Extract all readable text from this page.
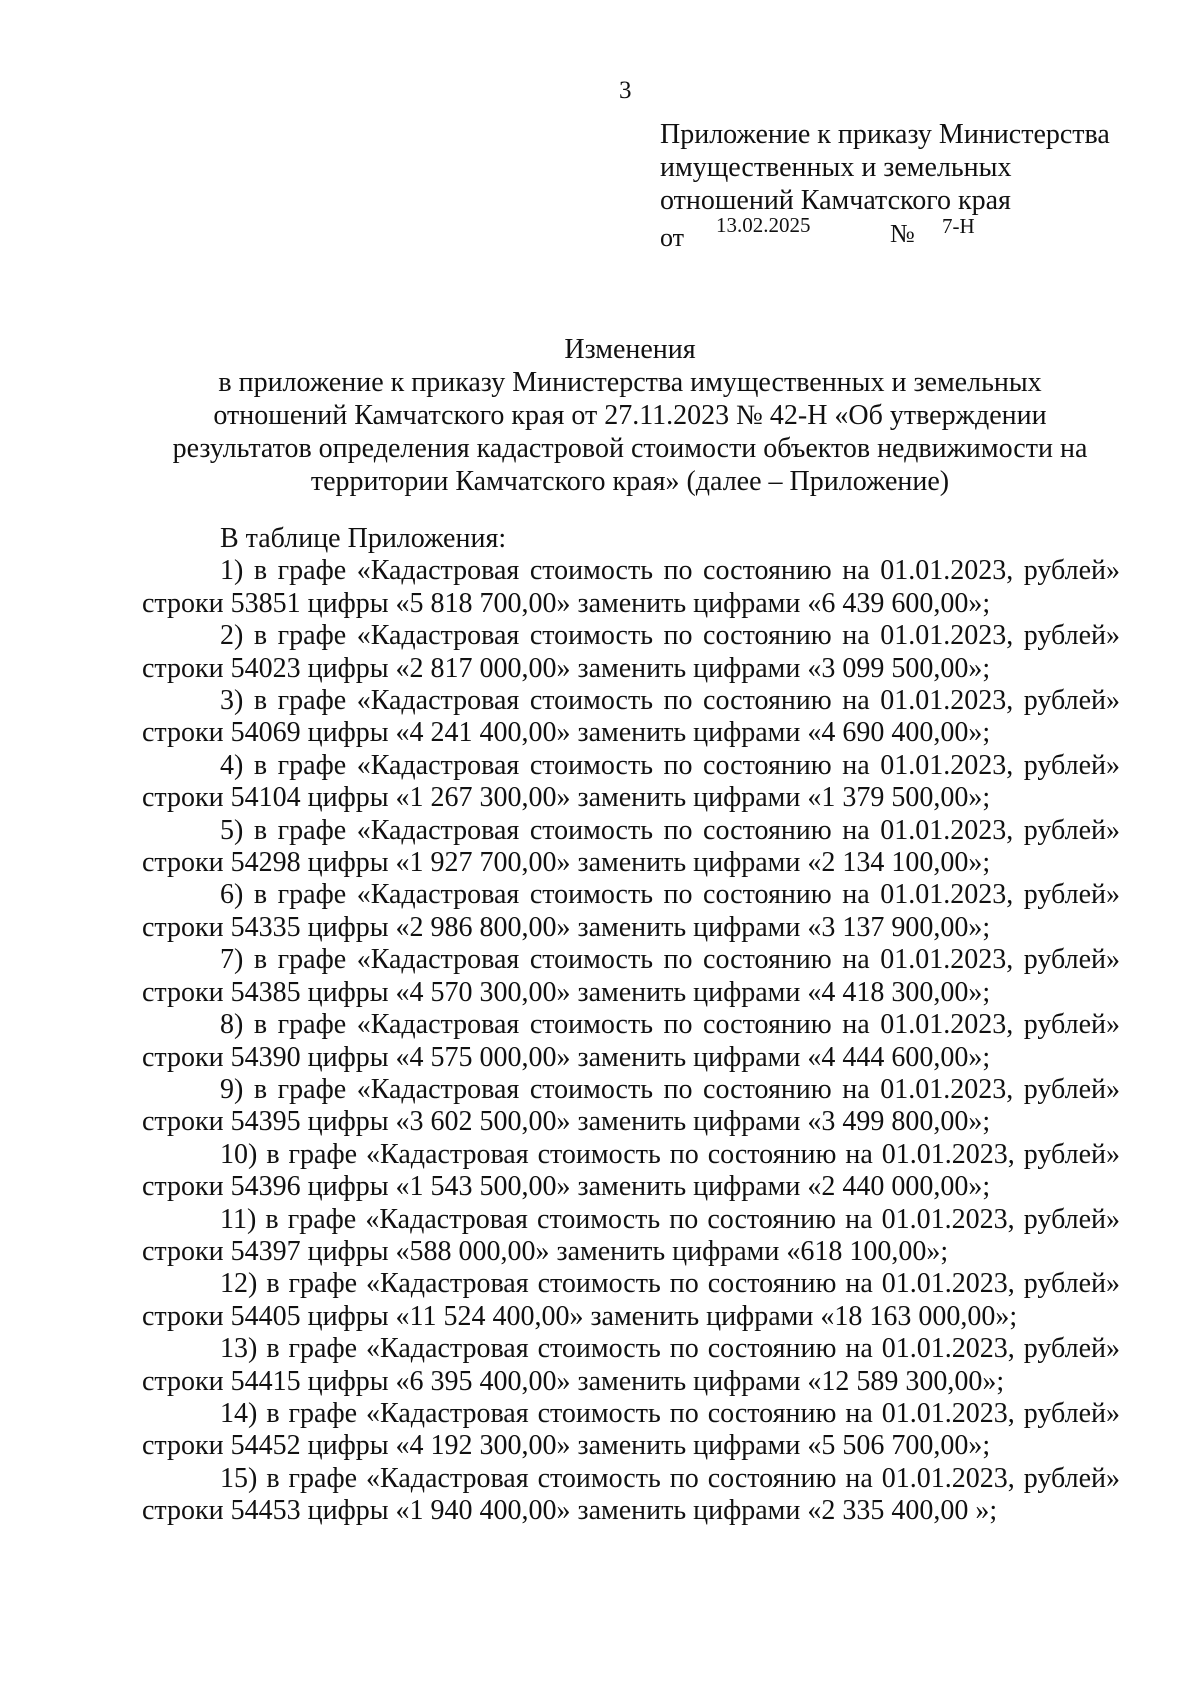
3
Приложение к приказу Министерства
имущественных и земельных
отношений Камчатского края
от 13.02.2025	№ 7-Н
Изменения
в приложение к приказу Министерства имущественных и земельных
отношений Камчатского края от 27.11.2023 № 42-Н «Об утверждении
результатов определения кадастровой стоимости объектов недвижимости на
территории Камчатского края» (далее – Приложение)
В таблице Приложения:
1) в графе «Кадастровая стоимость по состоянию на 01.01.2023, рублей»
строки 53851 цифры «5 818 700,00» заменить цифрами «6 439 600,00»;
2) в графе «Кадастровая стоимость по состоянию на 01.01.2023, рублей»
строки 54023 цифры «2 817 000,00» заменить цифрами «3 099 500,00»;
3) в графе «Кадастровая стоимость по состоянию на 01.01.2023, рублей»
строки 54069 цифры «4 241 400,00» заменить цифрами «4 690 400,00»;
4) в графе «Кадастровая стоимость по состоянию на 01.01.2023, рублей»
строки 54104 цифры «1 267 300,00» заменить цифрами «1 379 500,00»;
5) в графе «Кадастровая стоимость по состоянию на 01.01.2023, рублей»
строки 54298 цифры «1 927 700,00» заменить цифрами «2 134 100,00»;
6) в графе «Кадастровая стоимость по состоянию на 01.01.2023, рублей»
строки 54335 цифры «2 986 800,00» заменить цифрами «3 137 900,00»;
7) в графе «Кадастровая стоимость по состоянию на 01.01.2023, рублей»
строки 54385 цифры «4 570 300,00» заменить цифрами «4 418 300,00»;
8) в графе «Кадастровая стоимость по состоянию на 01.01.2023, рублей»
строки 54390 цифры «4 575 000,00» заменить цифрами «4 444 600,00»;
9) в графе «Кадастровая стоимость по состоянию на 01.01.2023, рублей»
строки 54395 цифры «3 602 500,00» заменить цифрами «3 499 800,00»;
10) в графе «Кадастровая стоимость по состоянию на 01.01.2023, рублей»
строки 54396 цифры «1 543 500,00» заменить цифрами «2 440 000,00»;
11) в графе «Кадастровая стоимость по состоянию на 01.01.2023, рублей»
строки 54397 цифры «588 000,00» заменить цифрами «618 100,00»;
12) в графе «Кадастровая стоимость по состоянию на 01.01.2023, рублей»
строки 54405 цифры «11 524 400,00» заменить цифрами «18 163 000,00»;
13) в графе «Кадастровая стоимость по состоянию на 01.01.2023, рублей»
строки 54415 цифры «6 395 400,00» заменить цифрами «12 589 300,00»;
14) в графе «Кадастровая стоимость по состоянию на 01.01.2023, рублей»
строки 54452 цифры «4 192 300,00» заменить цифрами «5 506 700,00»;
15) в графе «Кадастровая стоимость по состоянию на 01.01.2023, рублей»
строки 54453 цифры «1 940 400,00» заменить цифрами «2 335 400,00 »;
